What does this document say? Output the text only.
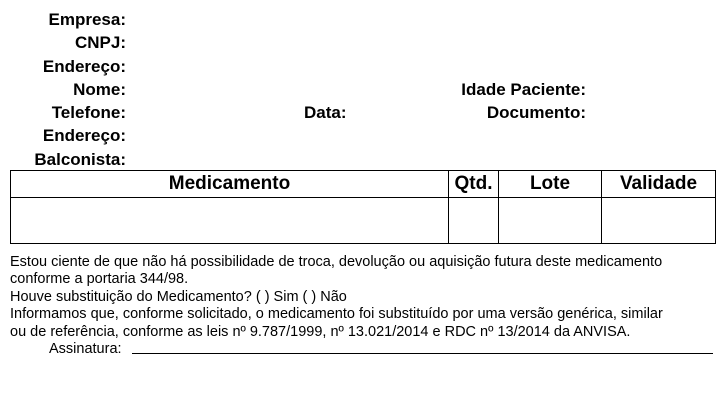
Empresa:
CNPJ:
Endereço:
Nome:
Telefone:
Endereço:
Balconista:
Data:
Idade Paciente:
Documento:
Medicamento	Qtd.	Lote	Validade

Estou ciente de que não há possibilidade de troca, devolução ou aquisição futura deste medicamento
conforme a portaria 344/98.
Houve substituição do Medicamento? ( ) Sim ( ) Não
Informamos que, conforme solicitado, o medicamento foi substituído por uma versão genérica, similar
ou de referência, conforme as leis nº 9.787/1999, nº 13.021/2014 e RDC nº 13/2014 da ANVISA.
Assinatura:
